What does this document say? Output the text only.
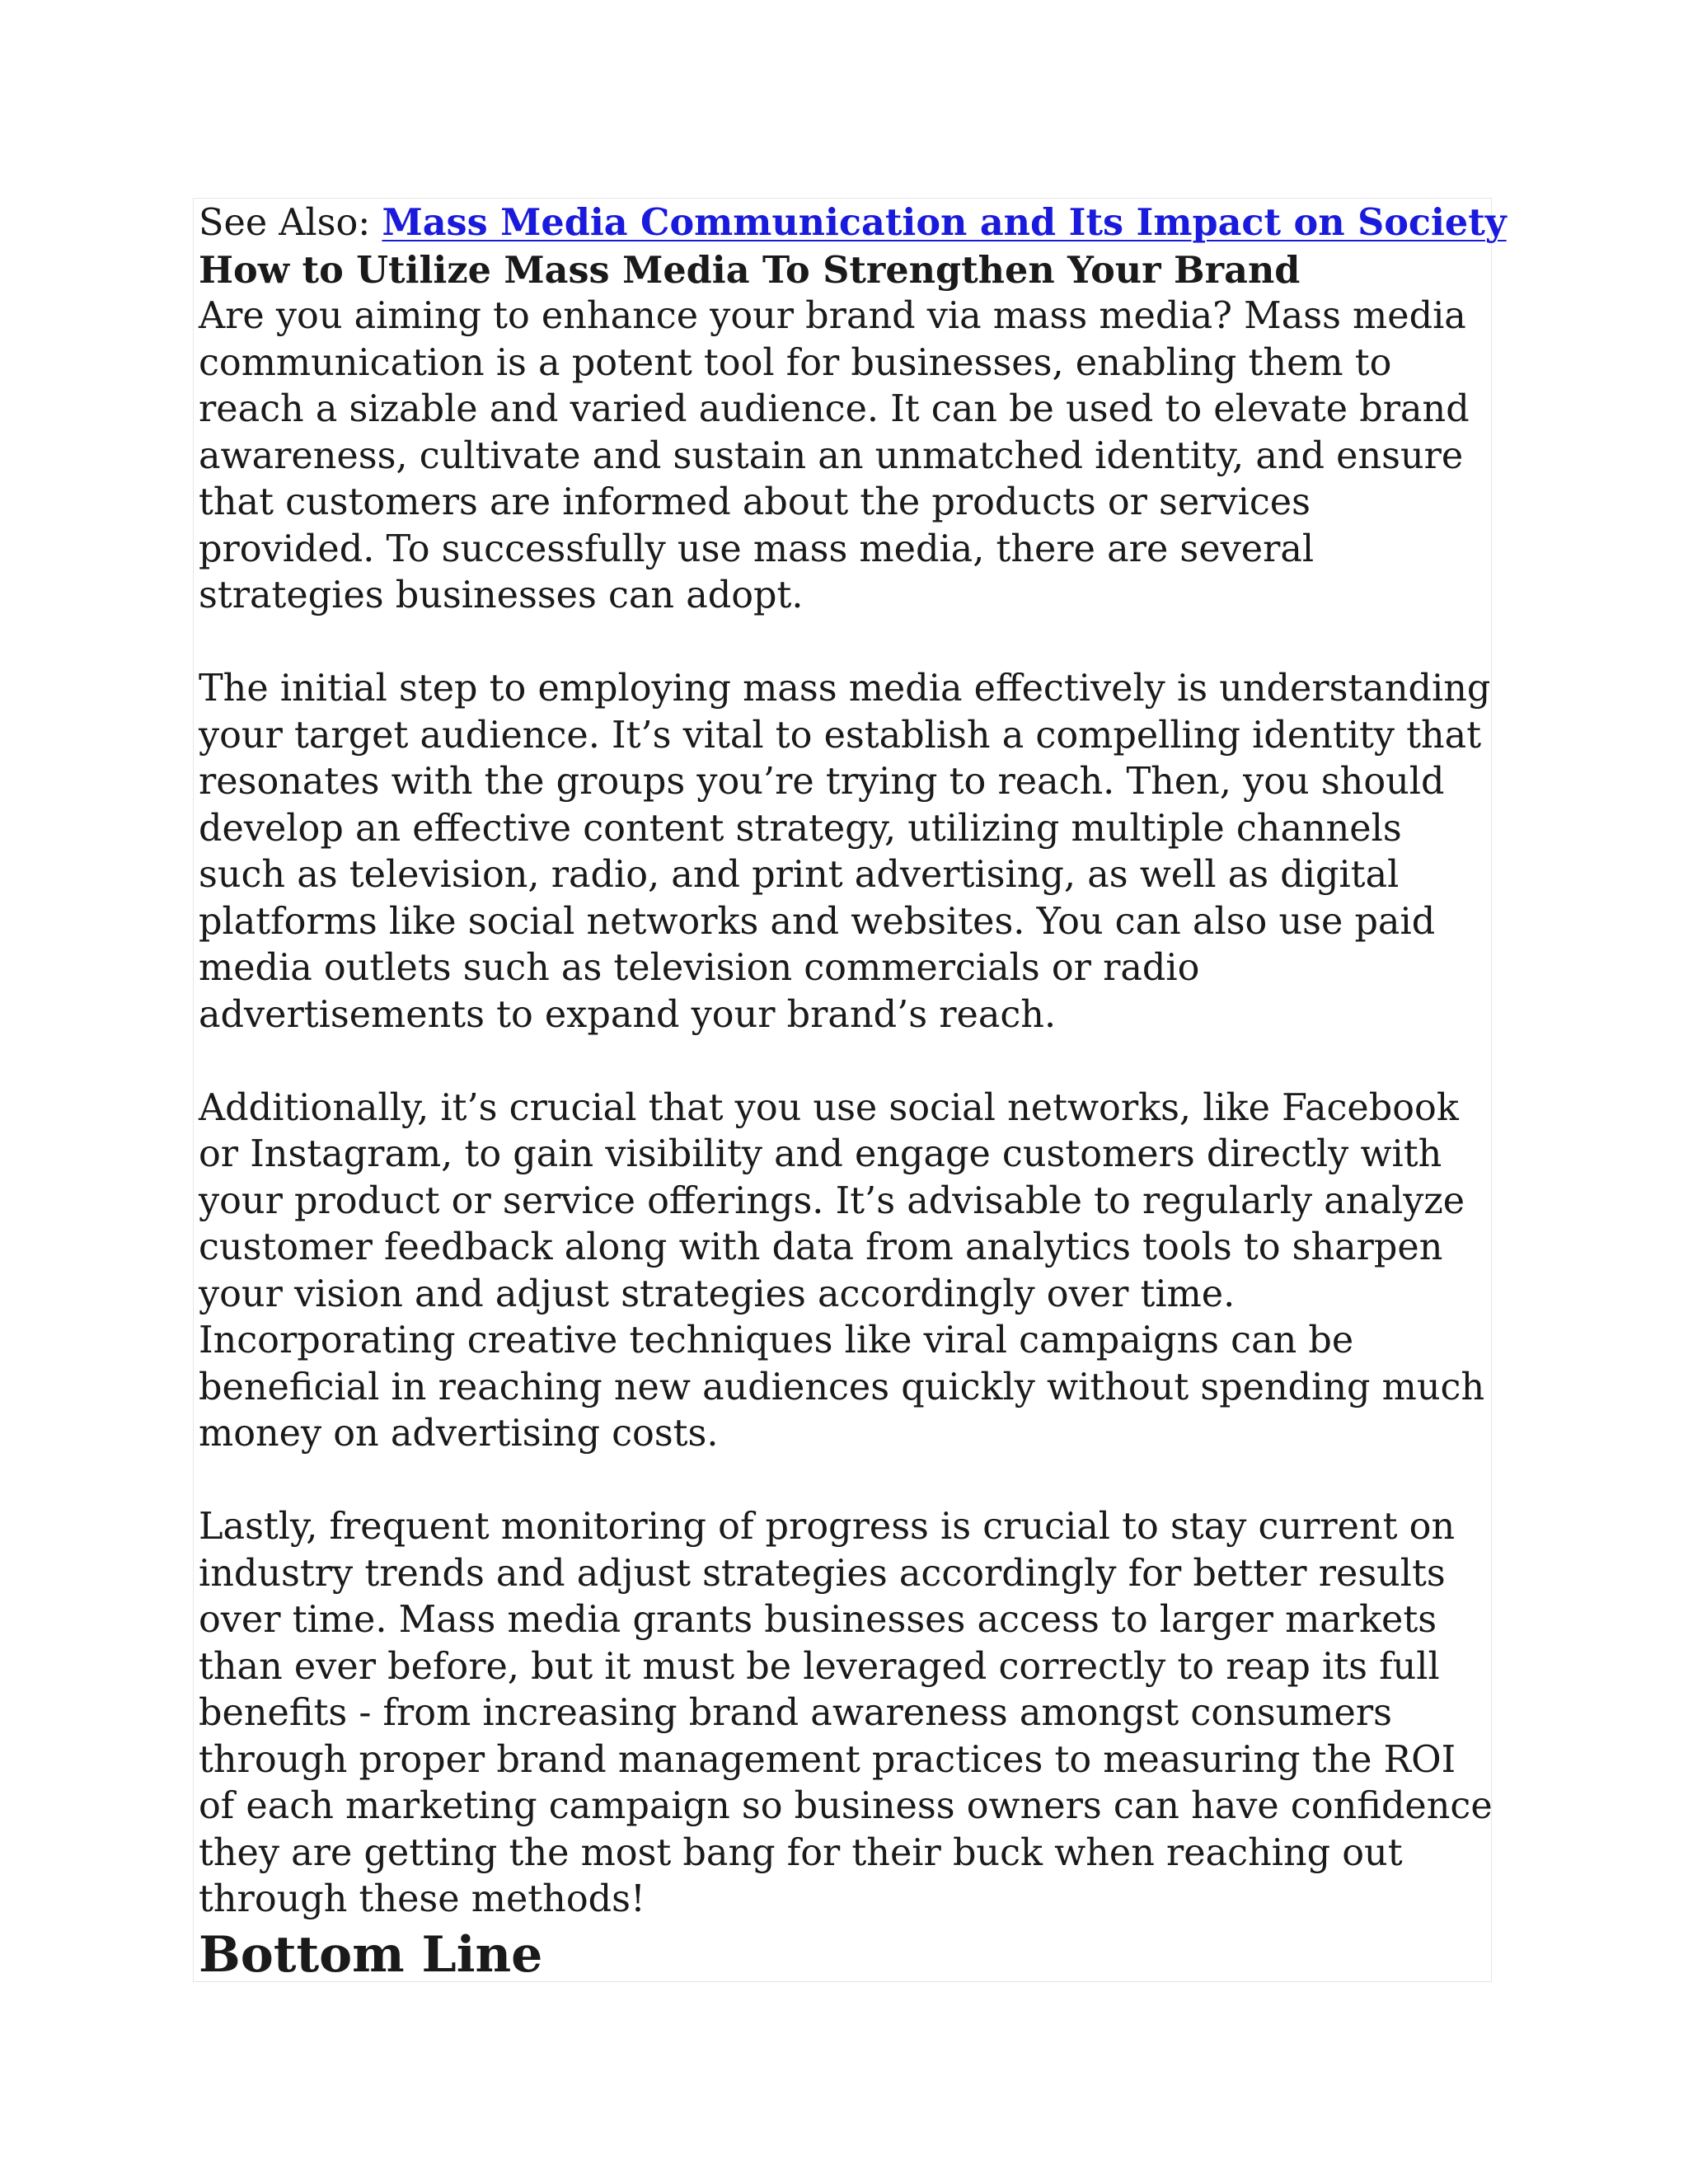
See Also: Mass Media Communication and Its Impact on Society

How to Utilize Mass Media To Strengthen Your Brand

Are you aiming to enhance your brand via mass media? Mass media communication is a potent tool for businesses, enabling them to reach a sizable and varied audience. It can be used to elevate brand awareness, cultivate and sustain an unmatched identity, and ensure that customers are informed about the products or services provided. To successfully use mass media, there are several strategies businesses can adopt.

The initial step to employing mass media effectively is understanding your target audience. It’s vital to establish a compelling identity that resonates with the groups you’re trying to reach. Then, you should develop an effective content strategy, utilizing multiple channels such as television, radio, and print advertising, as well as digital platforms like social networks and websites. You can also use paid media outlets such as television commercials or radio advertisements to expand your brand’s reach.

Additionally, it’s crucial that you use social networks, like Facebook or Instagram, to gain visibility and engage customers directly with your product or service offerings. It’s advisable to regularly analyze customer feedback along with data from analytics tools to sharpen your vision and adjust strategies accordingly over time. Incorporating creative techniques like viral campaigns can be beneficial in reaching new audiences quickly without spending much money on advertising costs.

Lastly, frequent monitoring of progress is crucial to stay current on industry trends and adjust strategies accordingly for better results over time. Mass media grants businesses access to larger markets than ever before, but it must be leveraged correctly to reap its full benefits - from increasing brand awareness amongst consumers through proper brand management practices to measuring the ROI of each marketing campaign so business owners can have confidence they are getting the most bang for their buck when reaching out through these methods!

Bottom Line
